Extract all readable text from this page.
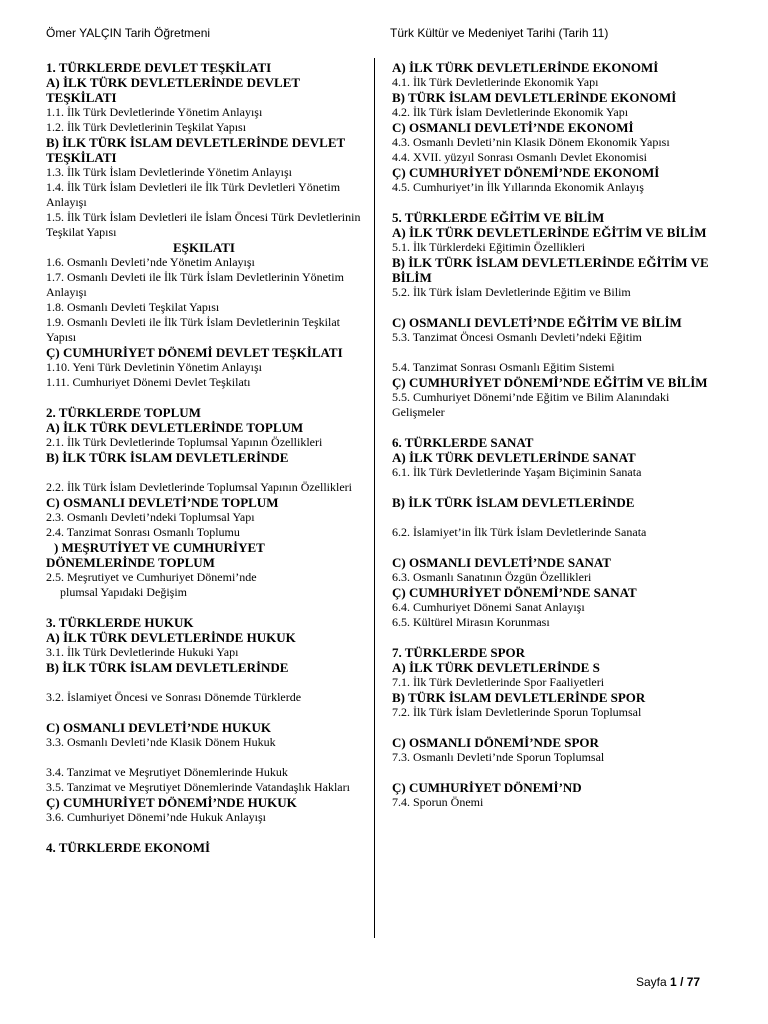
Ömer YALÇIN Tarih Öğretmeni	Türk Kültür ve Medeniyet Tarihi (Tarih 11)
1. TÜRKLERDE DEVLET TEŞKİLATI
A) İLK TÜRK DEVLETLERİNDE DEVLET TEŞKİLATI
1.1. İlk Türk Devletlerinde Yönetim Anlayışı
1.2. İlk Türk Devletlerinin Teşkilat Yapısı
B) İLK TÜRK İSLAM DEVLETLERİNDE DEVLET TEŞKİLATI
1.3. İlk Türk İslam Devletlerinde Yönetim Anlayışı
1.4. İlk Türk İslam Devletleri ile İlk Türk Devletleri Yönetim Anlayışı
1.5. İlk Türk İslam Devletleri ile İslam Öncesi Türk Devletlerinin Teşkilat Yapısı
EŞKILATI
1.6. Osmanlı Devleti’nde Yönetim Anlayışı
1.7. Osmanlı Devleti ile İlk Türk İslam Devletlerinin Yönetim Anlayışı
1.8. Osmanlı Devleti Teşkilat Yapısı
1.9. Osmanlı Devleti ile İlk Türk İslam Devletlerinin Teşkilat Yapısı
Ç) CUMHURİYET DÖNEMİ DEVLET TEŞKİLATI
1.10. Yeni Türk Devletinin Yönetim Anlayışı
1.11. Cumhuriyet Dönemi Devlet Teşkilatı
2. TÜRKLERDE TOPLUM
A) İLK TÜRK DEVLETLERİNDE TOPLUM
2.1. İlk Türk Devletlerinde Toplumsal Yapının Özellikleri
B) İLK TÜRK İSLAM DEVLETLERİNDE
2.2. İlk Türk İslam Devletlerinde Toplumsal Yapının Özellikleri
C) OSMANLI DEVLETİ’NDE TOPLUM
2.3. Osmanlı Devleti’ndeki Toplumsal Yapı
2.4. Tanzimat Sonrası Osmanlı Toplumu
) MEŞRUTİYET VE CUMHURİYET
DÖNEMLERİNDE TOPLUM
2.5. Meşrutiyet ve Cumhuriyet Dönemi’nde
plumsal Yapıdaki Değişim
3. TÜRKLERDE HUKUK
A) İLK TÜRK DEVLETLERİNDE HUKUK
3.1. İlk Türk Devletlerinde Hukuki Yapı
B) İLK TÜRK İSLAM DEVLETLERİNDE
3.2. İslamiyet Öncesi ve Sonrası Dönemde Türklerde
C) OSMANLI DEVLETİ’NDE HUKUK
3.3. Osmanlı Devleti’nde Klasik Dönem Hukuk
3.4. Tanzimat ve Meşrutiyet Dönemlerinde Hukuk
3.5. Tanzimat ve Meşrutiyet Dönemlerinde Vatandaşlık Hakları
Ç) CUMHURİYET DÖNEMİ’NDE HUKUK
3.6. Cumhuriyet Dönemi’nde Hukuk Anlayışı
4. TÜRKLERDE EKONOMİ
A) İLK TÜRK DEVLETLERİNDE EKONOMİ
4.1. İlk Türk Devletlerinde Ekonomik Yapı
B) TÜRK İSLAM DEVLETLERİNDE EKONOMİ
4.2. İlk Türk İslam Devletlerinde Ekonomik Yapı
C) OSMANLI DEVLETİ’NDE EKONOMİ
4.3. Osmanlı Devleti’nin Klasik Dönem Ekonomik Yapısı
4.4. XVII. yüzyıl Sonrası Osmanlı Devlet Ekonomisi
Ç) CUMHURİYET DÖNEMİ’NDE EKONOMİ
4.5. Cumhuriyet’in İlk Yıllarında Ekonomik Anlayış
5. TÜRKLERDE EĞİTİM VE BİLİM
A) İLK TÜRK DEVLETLERİNDE EĞİTİM VE BİLİM
5.1. İlk Türklerdeki Eğitimin Özellikleri
B) İLK TÜRK İSLAM DEVLETLERİNDE EĞİTİM VE BİLİM
5.2. İlk Türk İslam Devletlerinde Eğitim ve Bilim
C) OSMANLI DEVLETİ’NDE EĞİTİM VE BİLİM
5.3. Tanzimat Öncesi Osmanlı Devleti’ndeki Eğitim
5.4. Tanzimat Sonrası Osmanlı Eğitim Sistemi
Ç) CUMHURİYET DÖNEMİ’NDE EĞİTİM VE BİLİM
5.5. Cumhuriyet Dönemi’nde Eğitim ve Bilim Alanındaki Gelişmeler
6. TÜRKLERDE SANAT
A) İLK TÜRK DEVLETLERİNDE SANAT
6.1. İlk Türk Devletlerinde Yaşam Biçiminin Sanata
B) İLK TÜRK İSLAM DEVLETLERİNDE
6.2. İslamiyet’in İlk Türk İslam Devletlerinde Sanata
C) OSMANLI DEVLETİ’NDE SANAT
6.3. Osmanlı Sanatının Özgün Özellikleri
Ç) CUMHURİYET DÖNEMİ’NDE SANAT
6.4. Cumhuriyet Dönemi Sanat Anlayışı
6.5. Kültürel Mirasın Korunması
7. TÜRKLERDE SPOR
A) İLK TÜRK DEVLETLERİNDE S
7.1. İlk Türk Devletlerinde Spor Faaliyetleri
B) TÜRK İSLAM DEVLETLERİNDE SPOR
7.2. İlk Türk İslam Devletlerinde Sporun Toplumsal
C) OSMANLI DÖNEMİ’NDE SPOR
7.3. Osmanlı Devleti’nde Sporun Toplumsal
Ç) CUMHURİYET DÖNEMİ’ND
7.4. Sporun Önemi
Sayfa 1 / 77
